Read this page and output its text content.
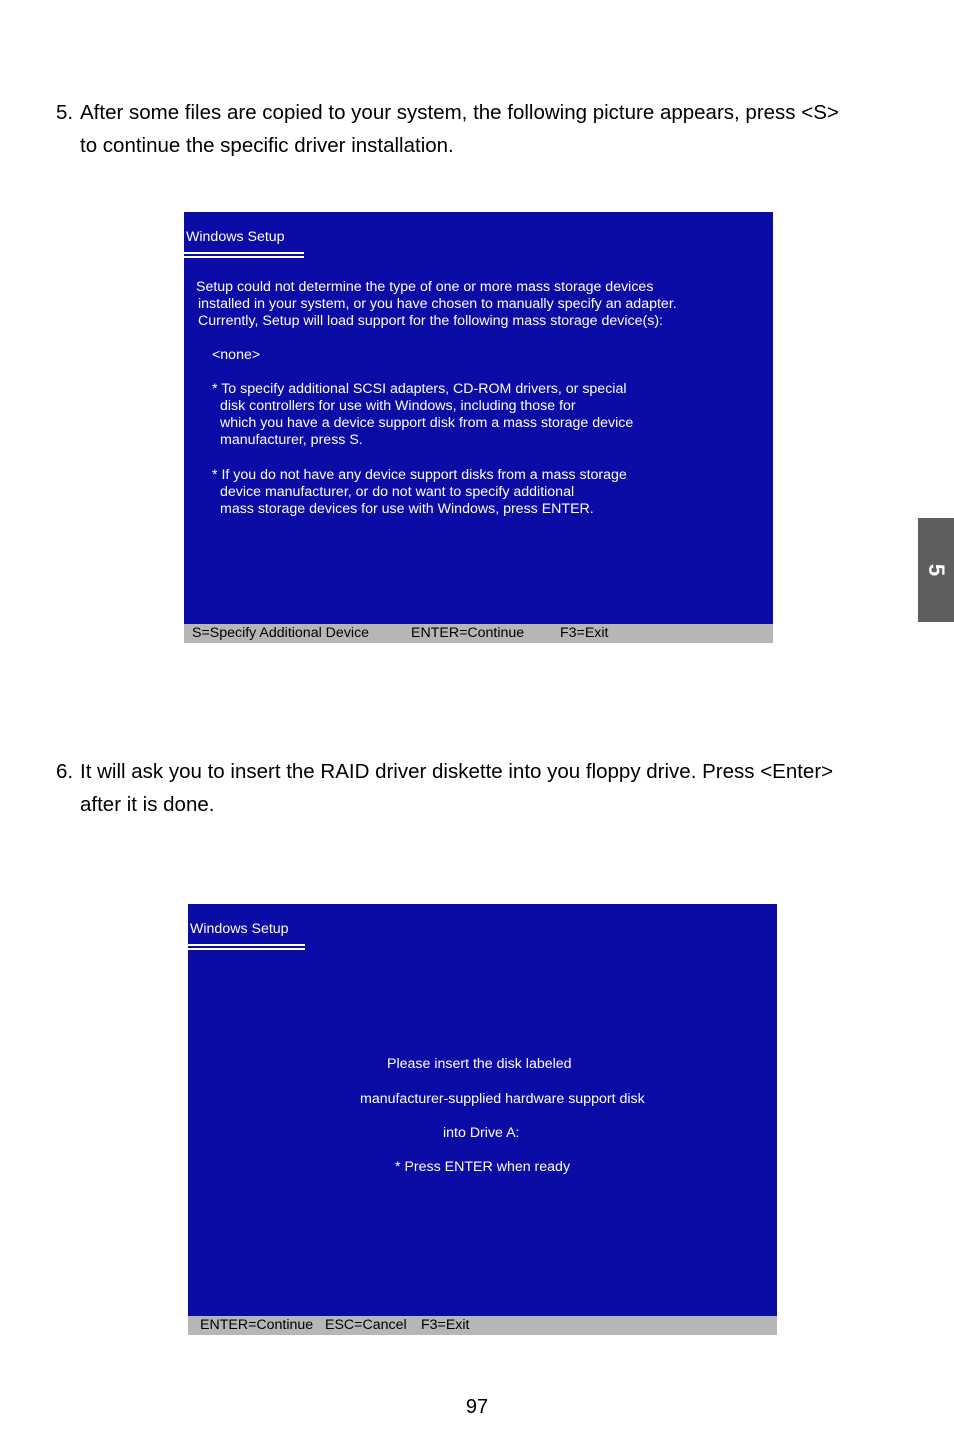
5. After some files are copied to your system, the following picture appears, press <S>
to continue the specific driver installation.

Windows Setup
Setup could not determine the type of one or more mass storage devices
installed in your system, or you have chosen to manually specify an adapter.
Currently, Setup will load support for the following mass storage device(s):
<none>
* To specify additional SCSI adapters, CD-ROM drivers, or special
disk controllers for use with Windows, including those for
which you have a device support disk from a mass storage device
manufacturer, press S.
* If you do not have any device support disks from a mass storage
device manufacturer, or do not want to specify additional
mass storage devices for use with Windows, press ENTER.
S=Specify Additional Device	ENTER=Continue	F3=Exit

6. It will ask you to insert the RAID driver diskette into you floppy drive. Press <Enter>
after it is done.

Windows Setup
Please insert the disk labeled
manufacturer-supplied hardware support disk
into Drive A:
* Press ENTER when ready
ENTER=Continue ESC=Cancel F3=Exit
5
97
